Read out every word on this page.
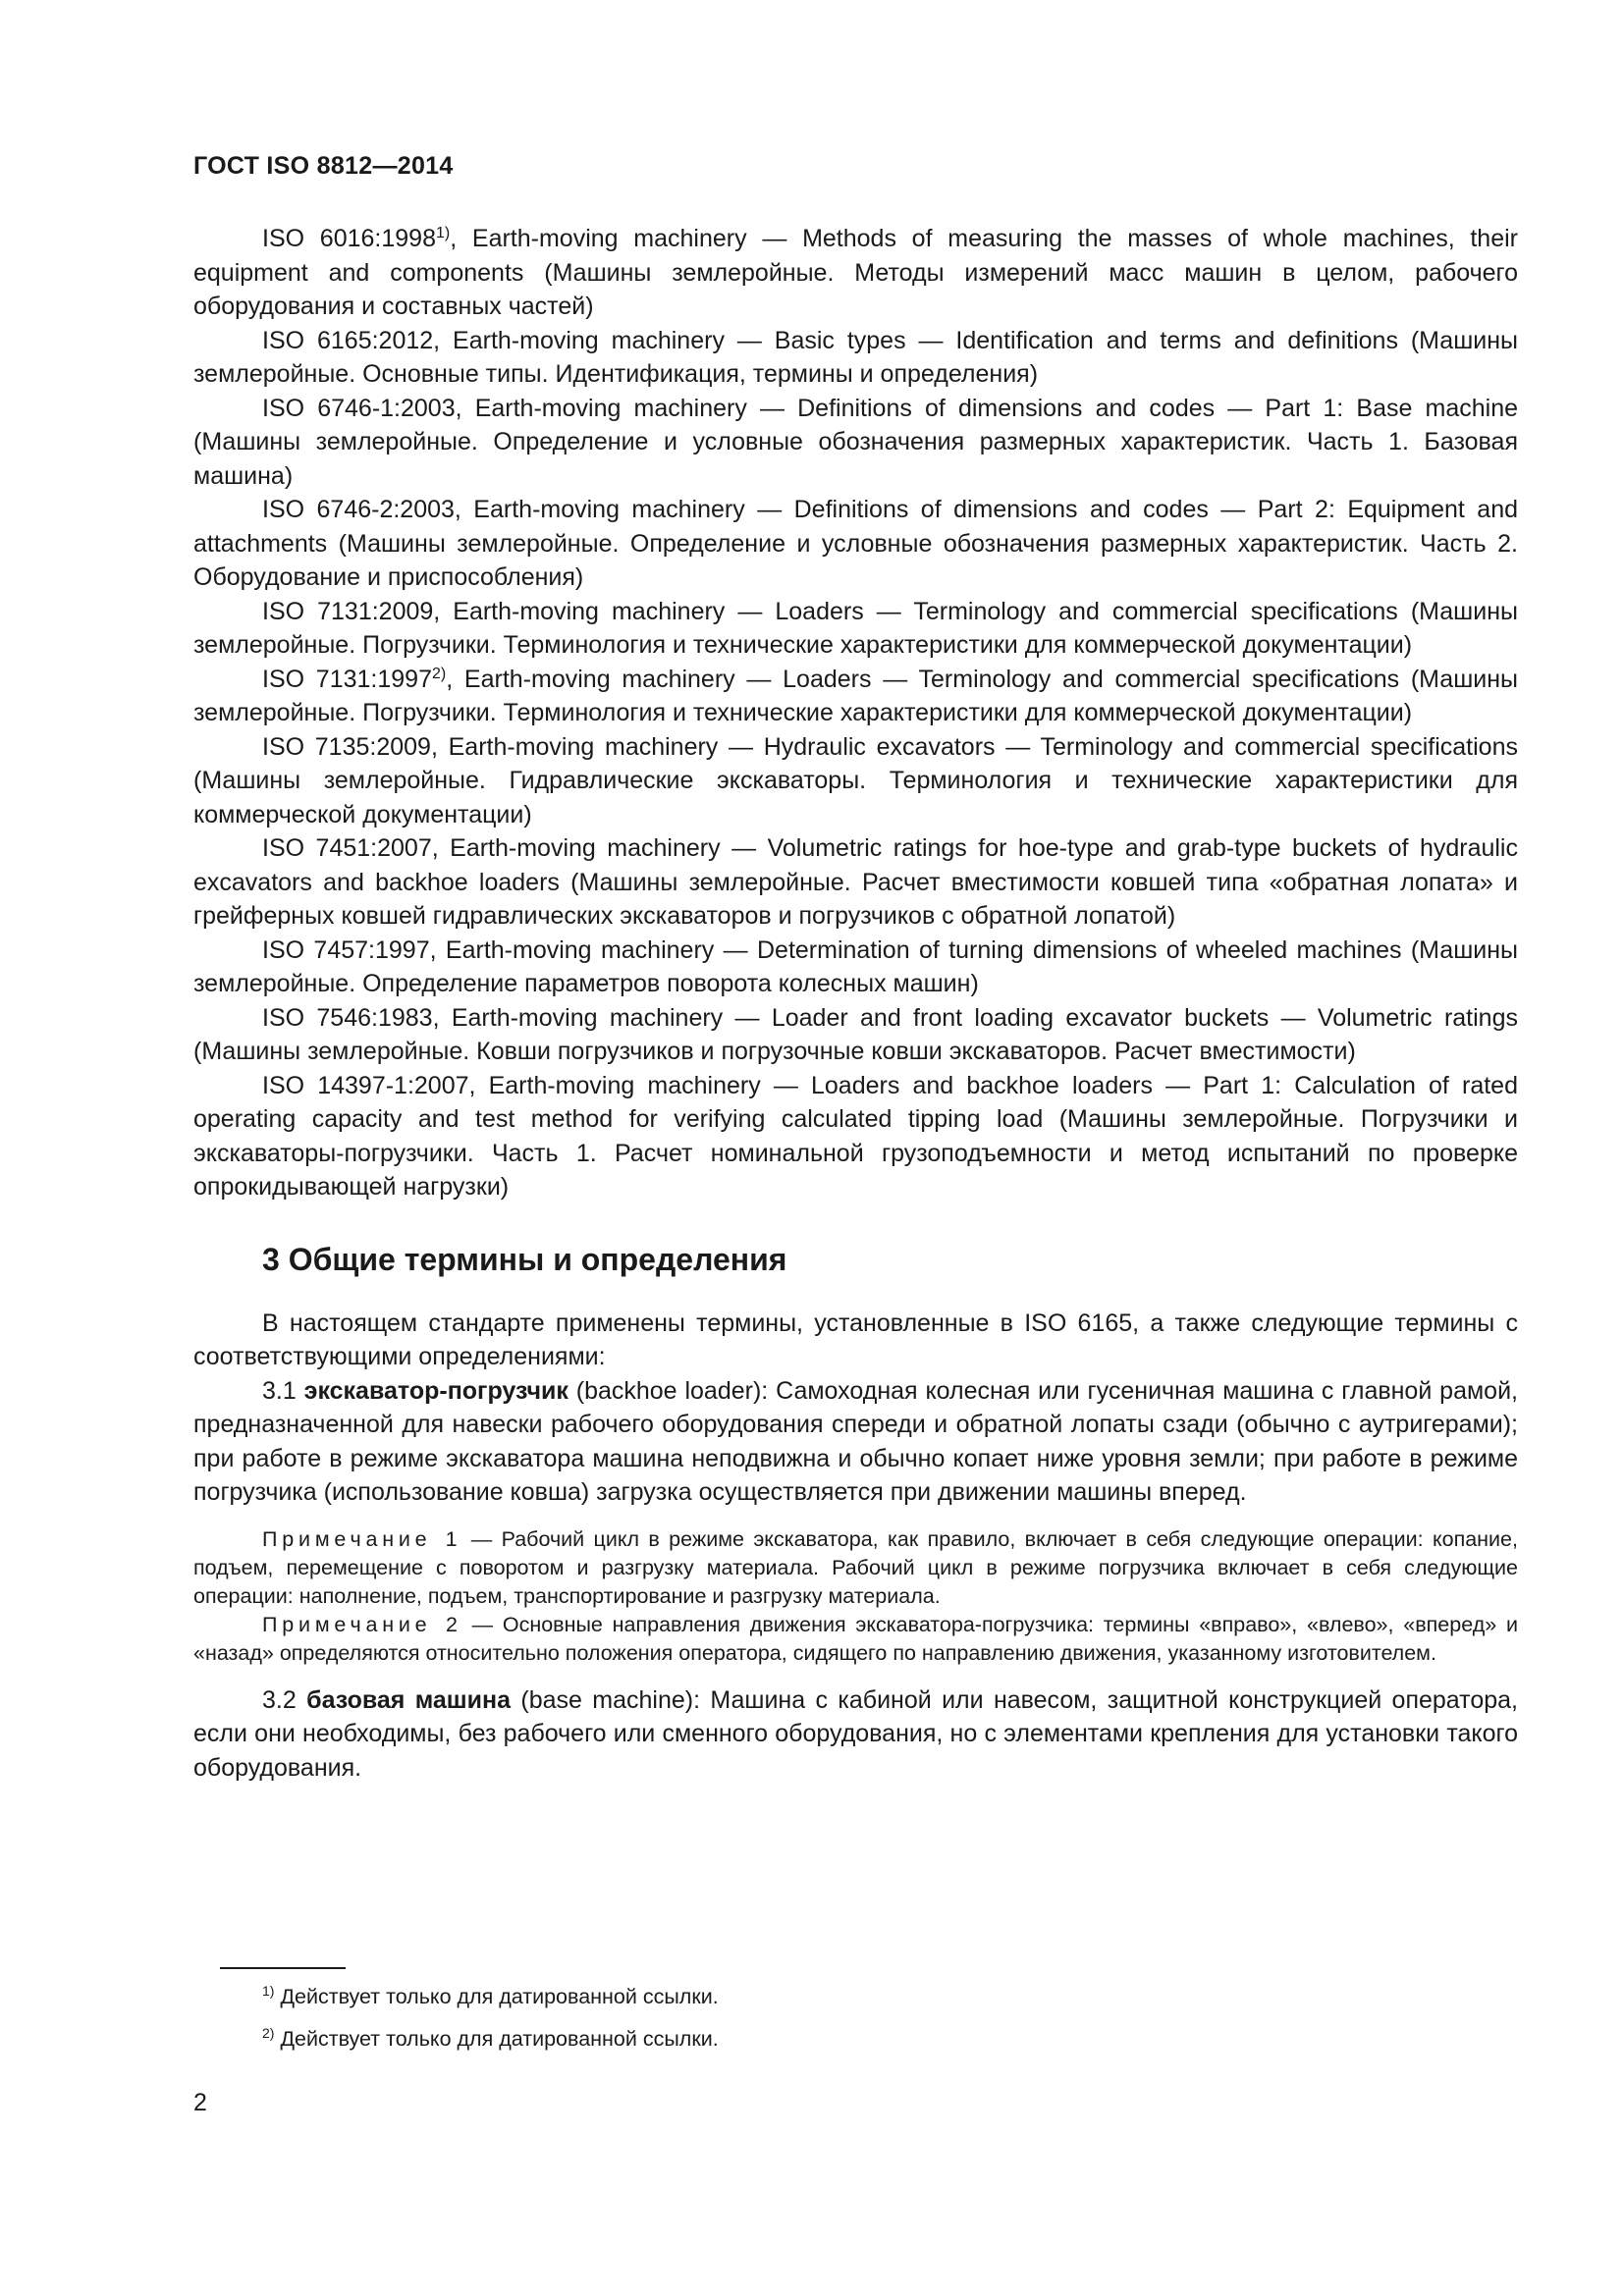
ГОСТ ISO 8812—2014

ISO 6016:1998$^{1)}$, Earth-moving machinery — Methods of measuring the masses of whole machines, their equipment and components (Машины землеройные. Методы измерений масс машин в целом, рабочего оборудования и составных частей)

ISO 6165:2012, Earth-moving machinery — Basic types — Identification and terms and definitions (Машины землеройные. Основные типы. Идентификация, термины и определения)

ISO 6746-1:2003, Earth-moving machinery — Definitions of dimensions and codes — Part 1: Base machine (Машины землеройные. Определение и условные обозначения размерных характеристик. Часть 1. Базовая машина)

ISO 6746-2:2003, Earth-moving machinery — Definitions of dimensions and codes — Part 2: Equipment and attachments (Машины землеройные. Определение и условные обозначения размерных характеристик. Часть 2. Оборудование и приспособления)

ISO 7131:2009, Earth-moving machinery — Loaders — Terminology and commercial specifications (Машины землеройные. Погрузчики. Терминология и технические характеристики для коммерческой документации)

ISO 7131:1997$^{2)}$, Earth-moving machinery — Loaders — Terminology and commercial specifications (Машины землеройные. Погрузчики. Терминология и технические характеристики для коммерческой документации)

ISO 7135:2009, Earth-moving machinery — Hydraulic excavators — Terminology and commercial specifications (Машины землеройные. Гидравлические экскаваторы. Терминология и технические характеристики для коммерческой документации)

ISO 7451:2007, Earth-moving machinery — Volumetric ratings for hoe-type and grab-type buckets of hydraulic excavators and backhoe loaders (Машины землеройные. Расчет вместимости ковшей типа «обратная лопата» и грейферных ковшей гидравлических экскаваторов и погрузчиков с обратной лопатой)

ISO 7457:1997, Earth-moving machinery — Determination of turning dimensions of wheeled machines (Машины землеройные. Определение параметров поворота колесных машин)

ISO 7546:1983, Earth-moving machinery — Loader and front loading excavator buckets — Volumetric ratings (Машины землеройные. Ковши погрузчиков и погрузочные ковши экскаваторов. Расчет вместимости)

ISO 14397-1:2007, Earth-moving machinery — Loaders and backhoe loaders — Part 1: Calculation of rated operating capacity and test method for verifying calculated tipping load (Машины землеройные. Погрузчики и экскаваторы-погрузчики. Часть 1. Расчет номинальной грузоподъемности и метод испытаний по проверке опрокидывающей нагрузки)

3 Общие термины и определения

В настоящем стандарте применены термины, установленные в ISO 6165, а также следующие термины с соответствующими определениями:

3.1 экскаватор-погрузчик (backhoe loader): Самоходная колесная или гусеничная машина с главной рамой, предназначенной для навески рабочего оборудования спереди и обратной лопаты сзади (обычно с аутригерами); при работе в режиме экскаватора машина неподвижна и обычно копает ниже уровня земли; при работе в режиме погрузчика (использование ковша) загрузка осуществляется при движении машины вперед.

Примечание 1 — Рабочий цикл в режиме экскаватора, как правило, включает в себя следующие операции: копание, подъем, перемещение с поворотом и разгрузку материала. Рабочий цикл в режиме погрузчика включает в себя следующие операции: наполнение, подъем, транспортирование и разгрузку материала.

Примечание 2 — Основные направления движения экскаватора-погрузчика: термины «вправо», «влево», «вперед» и «назад» определяются относительно положения оператора, сидящего по направлению движения, указанному изготовителем.

3.2 базовая машина (base machine): Машина с кабиной или навесом, защитной конструкцией оператора, если они необходимы, без рабочего или сменного оборудования, но с элементами крепления для установки такого оборудования.

$^{1)}$ Действует только для датированной ссылки.

$^{2)}$ Действует только для датированной ссылки.

2
